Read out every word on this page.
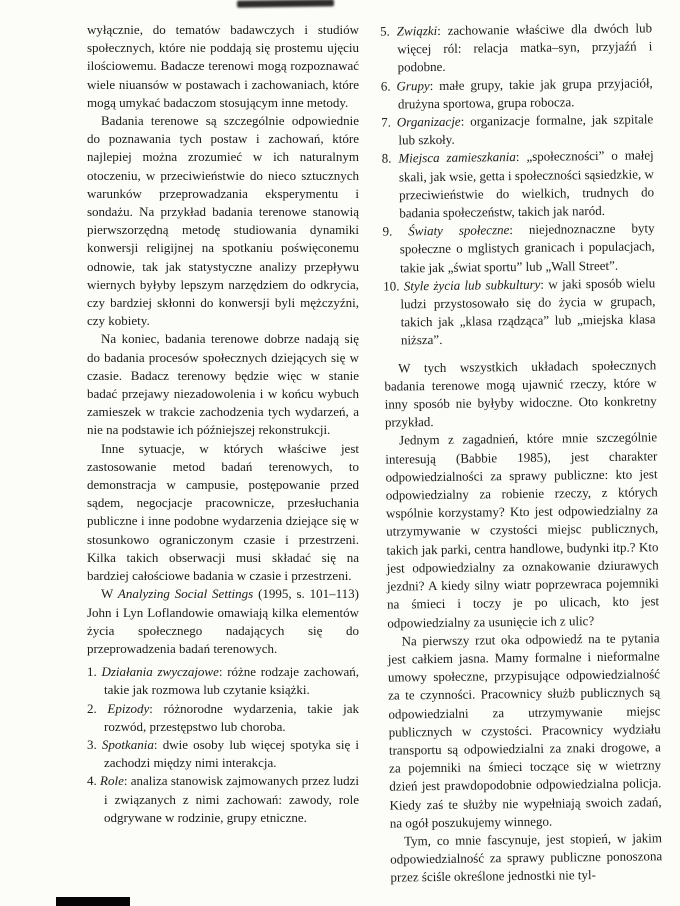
wyłącznie, do tematów badawczych i studiów społecznych, które nie poddają się prostemu ujęciu ilościowemu. Badacze terenowi mogą rozpoznawać wiele niuansów w postawach i zachowaniach, które mogą umykać badaczom stosującym inne metody.

Badania terenowe są szczególnie odpowiednie do poznawania tych postaw i zachowań, które najlepiej można zrozumieć w ich naturalnym otoczeniu, w przeciwieństwie do nieco sztucznych warunków przeprowadzania eksperymentu i sondażu. Na przykład badania terenowe stanowią pierwszorzędną metodę studiowania dynamiki konwersji religijnej na spotkaniu poświęconemu odnowie, tak jak statystyczne analizy przepływu wiernych byłyby lepszym narzędziem do odkrycia, czy bardziej skłonni do konwersji byli mężczyźni, czy kobiety.

Na koniec, badania terenowe dobrze nadają się do badania procesów społecznych dziejących się w czasie. Badacz terenowy będzie więc w stanie badać przejawy niezadowolenia i w końcu wybuch zamieszek w trakcie zachodzenia tych wydarzeń, a nie na podstawie ich późniejszej rekonstrukcji.

Inne sytuacje, w których właściwe jest zastosowanie metod badań terenowych, to demonstracja w campusie, postępowanie przed sądem, negocjacje pracownicze, przesłuchania publiczne i inne podobne wydarzenia dziejące się w stosunkowo ograniczonym czasie i przestrzeni. Kilka takich obserwacji musi składać się na bardziej całościowe badania w czasie i przestrzeni.

W Analyzing Social Settings (1995, s. 101–113) John i Lyn Loflandowie omawiają kilka elementów życia społecznego nadających się do przeprowadzenia badań terenowych.

1. Działania zwyczajowe: różne rodzaje zachowań, takie jak rozmowa lub czytanie książki.
2. Epizody: różnorodne wydarzenia, takie jak rozwód, przestępstwo lub choroba.
3. Spotkania: dwie osoby lub więcej spotyka się i zachodzi między nimi interakcja.
4. Role: analiza stanowisk zajmowanych przez ludzi i związanych z nimi zachowań: zawody, role odgrywane w rodzinie, grupy etniczne.
5. Związki: zachowanie właściwe dla dwóch lub więcej ról: relacja matka–syn, przyjaźń i podobne.
6. Grupy: małe grupy, takie jak grupa przyjaciół, drużyna sportowa, grupa robocza.
7. Organizacje: organizacje formalne, jak szpitale lub szkoły.
8. Miejsca zamieszkania: „społeczności” o małej skali, jak wsie, getta i społeczności sąsiedzkie, w przeciwieństwie do wielkich, trudnych do badania społeczeństw, takich jak naród.
9. Światy społeczne: niejednoznaczne byty społeczne o mglistych granicach i populacjach, takie jak „świat sportu” lub „Wall Street”.
10. Style życia lub subkultury: w jaki sposób wielu ludzi przystosowało się do życia w grupach, takich jak „klasa rządząca” lub „miejska klasa niższa”.

W tych wszystkich układach społecznych badania terenowe mogą ujawnić rzeczy, które w inny sposób nie byłyby widoczne. Oto konkretny przykład.

Jednym z zagadnień, które mnie szczególnie interesują (Babbie 1985), jest charakter odpowiedzialności za sprawy publiczne: kto jest odpowiedzialny za robienie rzeczy, z których wspólnie korzystamy? Kto jest odpowiedzialny za utrzymywanie w czystości miejsc publicznych, takich jak parki, centra handlowe, budynki itp.? Kto jest odpowiedzialny za oznakowanie dziurawych jezdni? A kiedy silny wiatr poprzewraca pojemniki na śmieci i toczy je po ulicach, kto jest odpowiedzialny za usunięcie ich z ulic?

Na pierwszy rzut oka odpowiedź na te pytania jest całkiem jasna. Mamy formalne i nieformalne umowy społeczne, przypisujące odpowiedzialność za te czynności. Pracownicy służb publicznych są odpowiedzialni za utrzymywanie miejsc publicznych w czystości. Pracownicy wydziału transportu są odpowiedzialni za znaki drogowe, a za pojemniki na śmieci toczące się w wietrzny dzień jest prawdopodobnie odpowiedzialna policja. Kiedy zaś te służby nie wypełniają swoich zadań, na ogół poszukujemy winnego.

Tym, co mnie fascynuje, jest stopień, w jakim odpowiedzialność za sprawy publiczne ponoszona przez ściśle określone jednostki nie tyl-
